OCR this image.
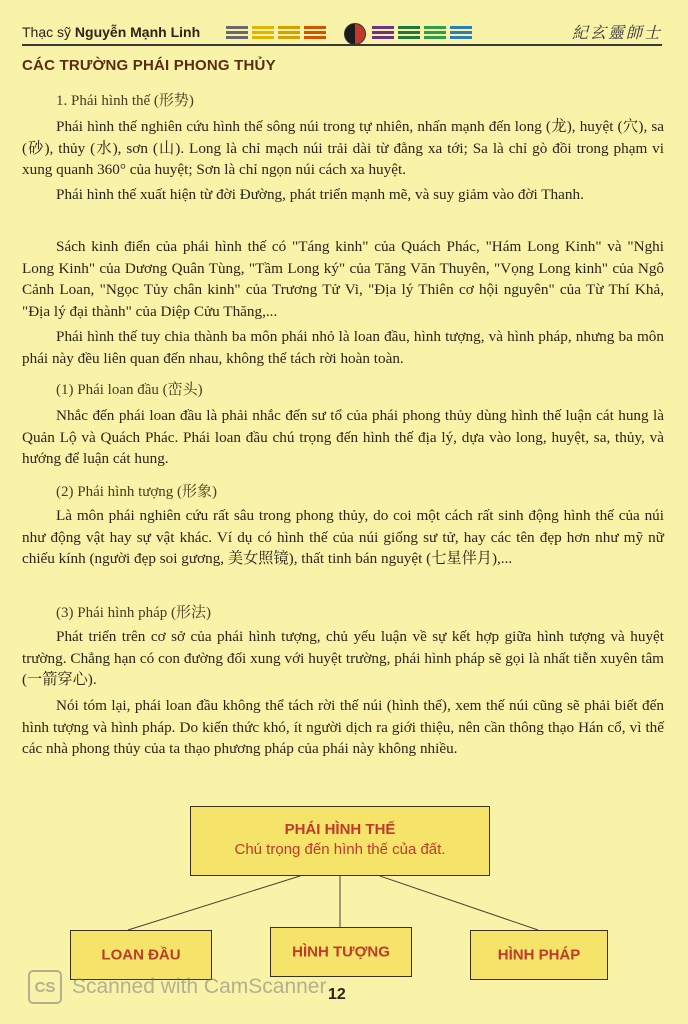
Thạc sỹ Nguyễn Mạnh Linh	紀玄靈師士
CÁC TRƯỜNG PHÁI PHONG THỦY
1. Phái hình thế (形势)
Phái hình thế nghiên cứu hình thế sông núi trong tự nhiên, nhấn mạnh đến long (龙), huyệt (穴), sa (砂), thủy (水), sơn (山). Long là chỉ mạch núi trải dài từ đằng xa tới; Sa là chỉ gò đồi trong phạm vi xung quanh 360° của huyệt; Sơn là chỉ ngọn núi cách xa huyệt.
Phái hình thế xuất hiện từ đời Đường, phát triển mạnh mẽ, và suy giảm vào đời Thanh.
Sách kinh điển của phái hình thế có "Táng kinh" của Quách Phác, "Hám Long Kinh" và "Nghi Long Kinh" của Dương Quân Tùng, "Tầm Long ký" của Tăng Văn Thuyên, "Vọng Long kinh" của Ngô Cảnh Loan, "Ngọc Tủy chân kinh" của Trương Tử Vi, "Địa lý Thiên cơ hội nguyên" của Từ Thí Khả, "Địa lý đại thành" của Diệp Cửu Thăng,...
Phái hình thế tuy chia thành ba môn phái nhỏ là loan đầu, hình tượng, và hình pháp, nhưng ba môn phái này đều liên quan đến nhau, không thể tách rời hoàn toàn.
(1) Phái loan đầu (峦头)
Nhắc đến phái loan đầu là phải nhắc đến sư tổ của phái phong thủy dùng hình thế luận cát hung là Quản Lộ và Quách Phác. Phái loan đầu chú trọng đến hình thế địa lý, dựa vào long, huyệt, sa, thủy, và hướng để luận cát hung.
(2) Phái hình tượng (形象)
Là môn phái nghiên cứu rất sâu trong phong thủy, do coi một cách rất sinh động hình thế của núi như động vật hay sự vật khác. Ví dụ có hình thế của núi giống sư tử, hay các tên đẹp hơn như mỹ nữ chiếu kính (người đẹp soi gương, 美女照镜), thất tinh bán nguyệt (七星伴月),...
(3) Phái hình pháp (形法)
Phát triển trên cơ sở của phái hình tượng, chủ yếu luận về sự kết hợp giữa hình tượng và huyệt trường. Chẳng hạn có con đường đối xung với huyệt trường, phái hình pháp sẽ gọi là nhất tiễn xuyên tâm (一箭穿心).
Nói tóm lại, phái loan đầu không thể tách rời thế núi (hình thế), xem thế núi cũng sẽ phải biết đến hình tượng và hình pháp. Do kiến thức khó, ít người dịch ra giới thiệu, nên cần thông thạo Hán cổ, vì thế các nhà phong thủy của ta thạo phương pháp của phái này không nhiều.
PHÁI HÌNH THẾ
Chú trọng đến hình thế của đất.
LOAN ĐẦU	HÌNH TƯỢNG	HÌNH PHÁP
CS Scanned with CamScanner 12
